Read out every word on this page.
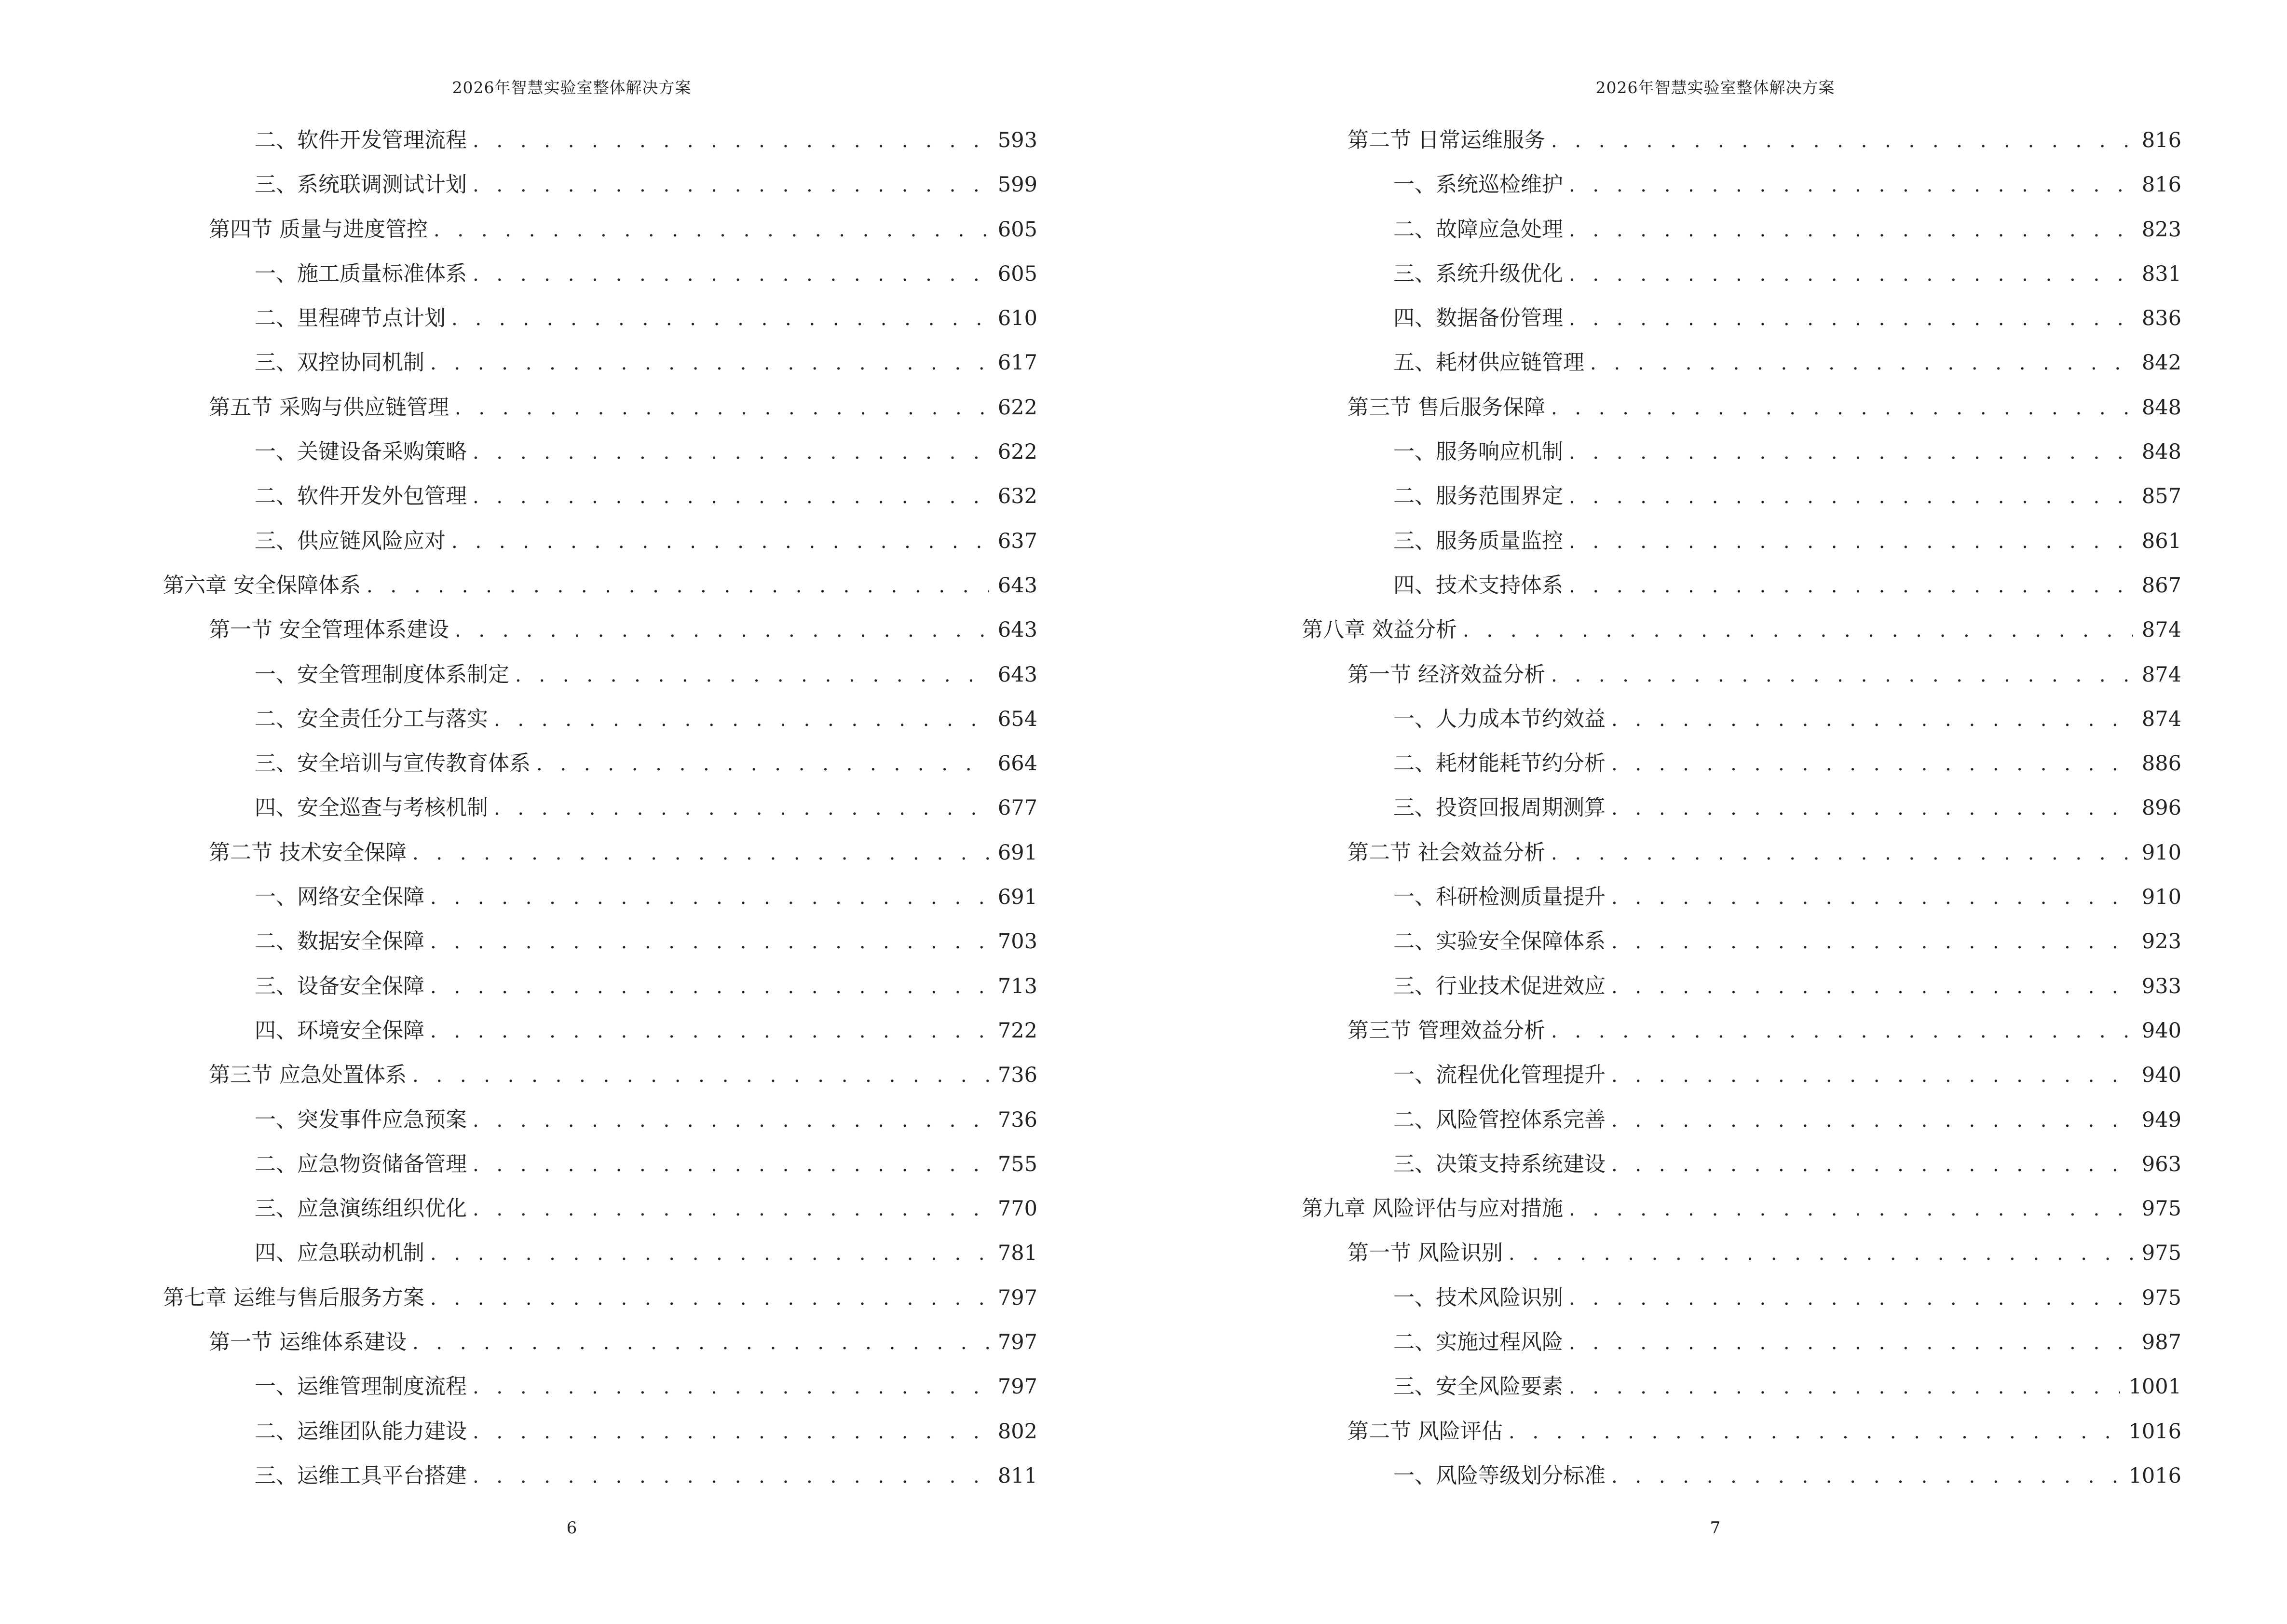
2026年智慧实验室整体解决方案
二、软件开发管理流程 . . .	593
三、系统联调测试计划 . . .	599
第四节 质量与进度管控 . . .	605
一、施工质量标准体系 . . .	605
二、里程碑节点计划 . . .	610
三、双控协同机制 . . .	617
第五节 采购与供应链管理 . . .	622
一、关键设备采购策略 . . .	622
二、软件开发外包管理 . . .	632
三、供应链风险应对 . . .	637
第六章 安全保障体系 . . .	643
第一节 安全管理体系建设 . . .	643
一、安全管理制度体系制定 . . .	643
二、安全责任分工与落实 . . .	654
三、安全培训与宣传教育体系 . . .	664
四、安全巡查与考核机制 . . .	677
第二节 技术安全保障 . . .	691
一、网络安全保障 . . .	691
二、数据安全保障 . . .	703
三、设备安全保障 . . .	713
四、环境安全保障 . . .	722
第三节 应急处置体系 . . .	736
一、突发事件应急预案 . . .	736
二、应急物资储备管理 . . .	755
三、应急演练组织优化 . . .	770
四、应急联动机制 . . .	781
第七章 运维与售后服务方案 . . .	797
第一节 运维体系建设 . . .	797
一、运维管理制度流程 . . .	797
二、运维团队能力建设 . . .	802
三、运维工具平台搭建 . . .	811
6
2026年智慧实验室整体解决方案
第二节 日常运维服务 . . .	816
一、系统巡检维护 . . .	816
二、故障应急处理 . . .	823
三、系统升级优化 . . .	831
四、数据备份管理 . . .	836
五、耗材供应链管理 . . .	842
第三节 售后服务保障 . . .	848
一、服务响应机制 . . .	848
二、服务范围界定 . . .	857
三、服务质量监控 . . .	861
四、技术支持体系 . . .	867
第八章 效益分析 . . .	874
第一节 经济效益分析 . . .	874
一、人力成本节约效益 . . .	874
二、耗材能耗节约分析 . . .	886
三、投资回报周期测算 . . .	896
第二节 社会效益分析 . . .	910
一、科研检测质量提升 . . .	910
二、实验安全保障体系 . . .	923
三、行业技术促进效应 . . .	933
第三节 管理效益分析 . . .	940
一、流程优化管理提升 . . .	940
二、风险管控体系完善 . . .	949
三、决策支持系统建设 . . .	963
第九章 风险评估与应对措施 . . .	975
第一节 风险识别 . . .	975
一、技术风险识别 . . .	975
二、实施过程风险 . . .	987
三、安全风险要素 . . .	1001
第二节 风险评估 . . .	1016
一、风险等级划分标准 . . .	1016
7
